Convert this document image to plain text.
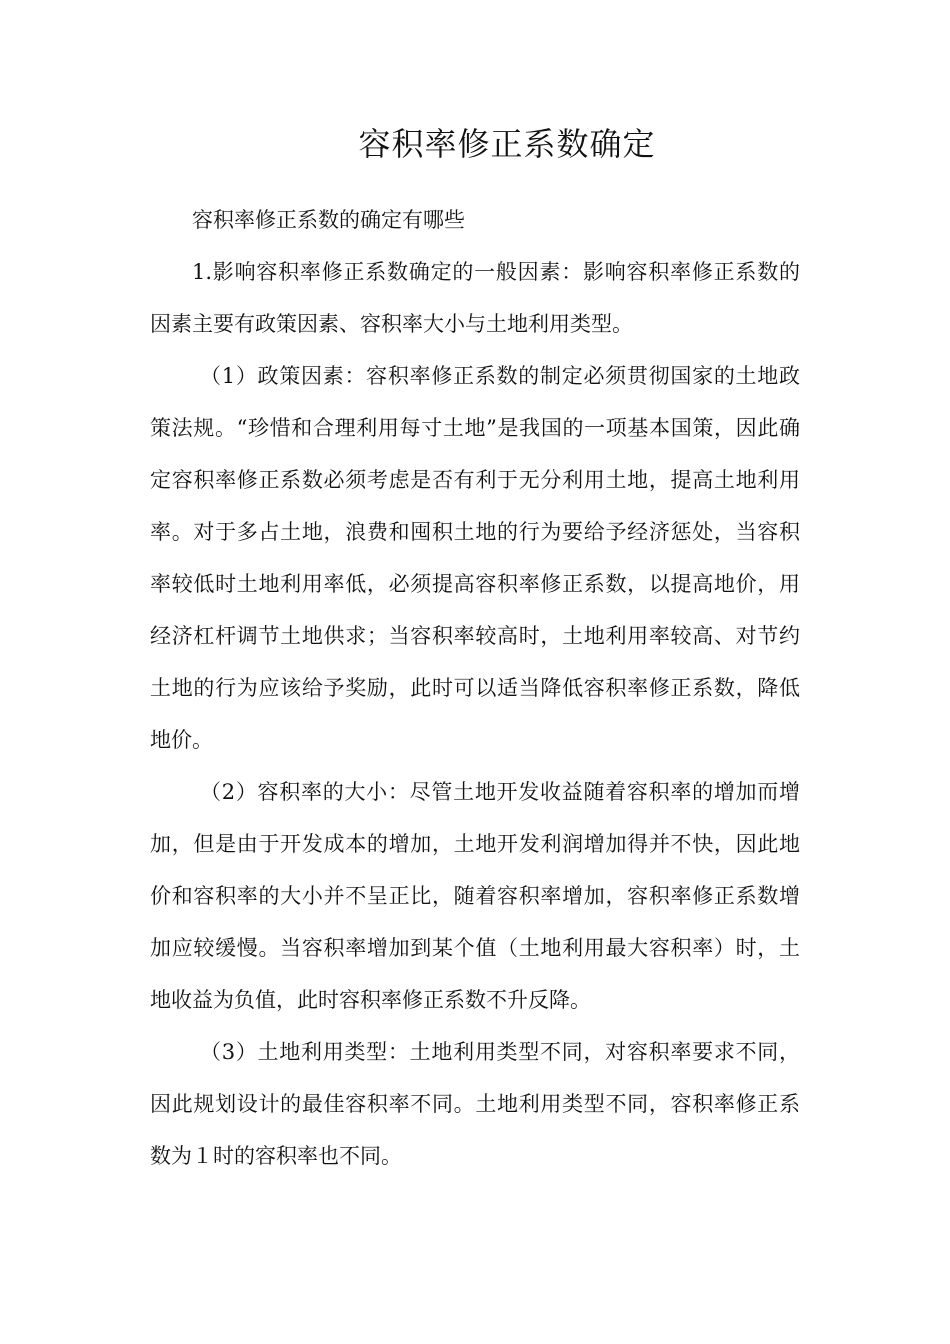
容积率修正系数确定

容积率修正系数的确定有哪些

1.影响容积率修正系数确定的一般因素：影响容积率修正系数的因素主要有政策因素、容积率大小与土地利用类型。

（1）政策因素：容积率修正系数的制定必须贯彻国家的土地政策法规。“珍惜和合理利用每寸土地”是我国的一项基本国策，因此确定容积率修正系数必须考虑是否有利于无分利用土地，提高土地利用率。对于多占土地，浪费和囤积土地的行为要给予经济惩处，当容积率较低时土地利用率低，必须提高容积率修正系数，以提高地价，用经济杠杆调节土地供求；当容积率较高时，土地利用率较高、对节约土地的行为应该给予奖励，此时可以适当降低容积率修正系数，降低地价。

（2）容积率的大小：尽管土地开发收益随着容积率的增加而增加，但是由于开发成本的增加，土地开发利润增加得并不快，因此地价和容积率的大小并不呈正比，随着容积率增加，容积率修正系数增加应较缓慢。当容积率增加到某个值（土地利用最大容积率）时，土地收益为负值，此时容积率修正系数不升反降。

（3）土地利用类型：土地利用类型不同，对容积率要求不同，因此规划设计的最佳容积率不同。土地利用类型不同，容积率修正系数为１时的容积率也不同。
